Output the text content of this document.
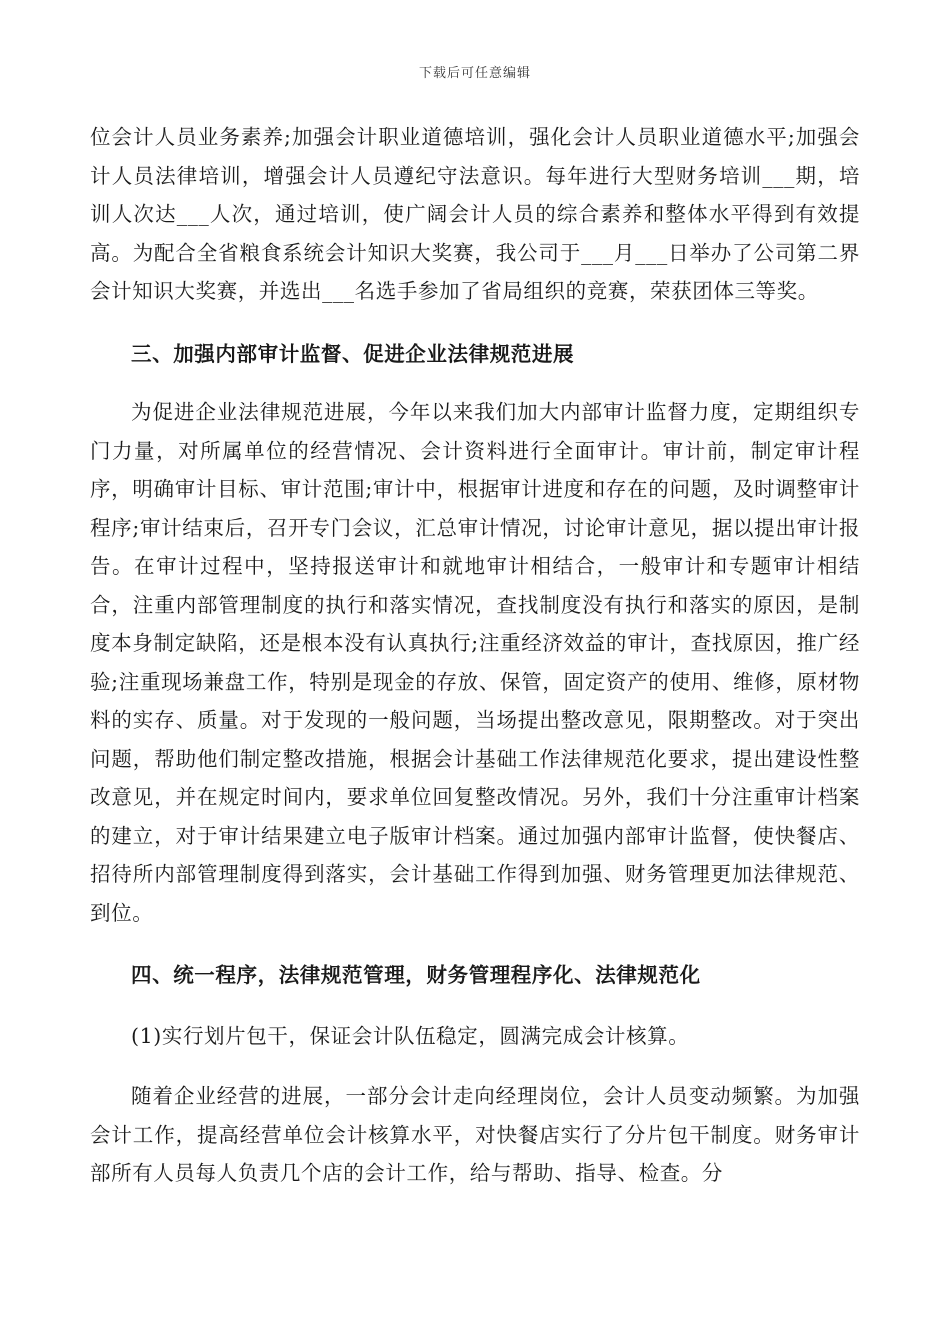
下载后可任意编辑

位会计人员业务素养;加强会计职业道德培训，强化会计人员职业道德水平;加强会计人员法律培训，增强会计人员遵纪守法意识。每年进行大型财务培训___期，培训人次达___人次，通过培训，使广阔会计人员的综合素养和整体水平得到有效提高。为配合全省粮食系统会计知识大奖赛，我公司于___月___日举办了公司第二界会计知识大奖赛，并选出___名选手参加了省局组织的竞赛，荣获团体三等奖。

三、加强内部审计监督、促进企业法律规范进展

为促进企业法律规范进展，今年以来我们加大内部审计监督力度，定期组织专门力量，对所属单位的经营情况、会计资料进行全面审计。审计前，制定审计程序，明确审计目标、审计范围;审计中，根据审计进度和存在的问题，及时调整审计程序;审计结束后，召开专门会议，汇总审计情况，讨论审计意见，据以提出审计报告。在审计过程中，坚持报送审计和就地审计相结合，一般审计和专题审计相结合，注重内部管理制度的执行和落实情况，查找制度没有执行和落实的原因，是制度本身制定缺陷，还是根本没有认真执行;注重经济效益的审计，查找原因，推广经验;注重现场兼盘工作，特别是现金的存放、保管，固定资产的使用、维修，原材物料的实存、质量。对于发现的一般问题，当场提出整改意见，限期整改。对于突出问题，帮助他们制定整改措施，根据会计基础工作法律规范化要求，提出建设性整改意见，并在规定时间内，要求单位回复整改情况。另外，我们十分注重审计档案的建立，对于审计结果建立电子版审计档案。通过加强内部审计监督，使快餐店、招待所内部管理制度得到落实，会计基础工作得到加强、财务管理更加法律规范、到位。

四、统一程序，法律规范管理，财务管理程序化、法律规范化

(1)实行划片包干，保证会计队伍稳定，圆满完成会计核算。

随着企业经营的进展，一部分会计走向经理岗位，会计人员变动频繁。为加强会计工作，提高经营单位会计核算水平，对快餐店实行了分片包干制度。财务审计部所有人员每人负责几个店的会计工作，给与帮助、指导、检查。分
